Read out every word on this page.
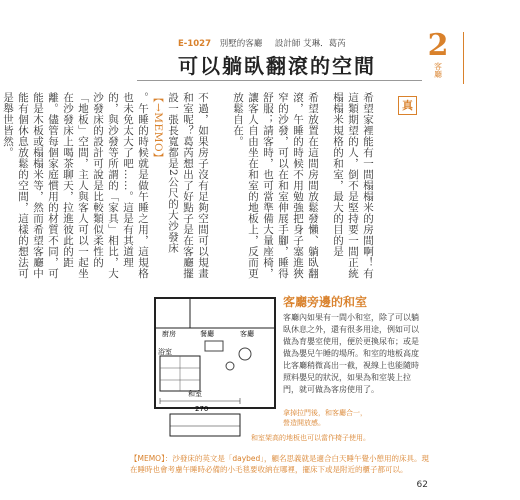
E-1027 別墅的客廳 設計師 艾琳．葛芮	2
客廳
可以躺臥翻滾的空間
真
希望家裡能有一間榻榻米的房間啊！有這類期望的人，倒不是堅持要一間正統榻榻米規格的和室，最大的目的是
希望放置在這間房間放鬆發懶、躺臥翻滾，午睡的時候不用勉強把身子塞進狹窄的沙發，可以在和室伸展手腳，睡得舒服；請客時，也可當準備大量座椅，讓客人自由坐在和室的地板上，反而更放鬆自在。
不過，如果房子沒有足夠空間可以規畫和室呢？葛芮想出了好點子是在客廳擺設一張長寬都是2公尺的大沙發床【→MEMO】
。午睡的時候就是做午睡之用，這規格也未免太大了吧……。這是有其道理的，與沙發等所謂的「家具」相比，大沙發床的設計可說是比較類似柔性的「地板」空間，主人與客人可以一起坐在沙發床上喝茶聊天，拉進彼此的距離。儘管每個家庭慣用的材質不同，可能是木板或榻榻米等，然而希望客廳中能有個休息放鬆的空間，這樣的想法可是舉世皆然。
廚房	餐廳	客廳
浴室
和室
270
客廳旁邊的和室

客廳內如果有一間小和室，除了可以躺臥休息之外，還有很多用途，例如可以做為育嬰室使用，便於更換尿布；或是做為嬰兒午睡的場所。和室的地板高度比客廳稍微高出一截，視線上也能隨時照料嬰兒的狀況，如果為和室裝上拉門，就可做為客房使用了。

拿掉拉門後，和客廳合一，營造開放感。
和室架高的地板也可以當作椅子使用。
【MEMO】：沙發床的英文是「daybed」，顧名思義就是適合白天睡午覺小憩用的床具。現在睡時也會考慮午睡時必備的小毛毯要收納在哪裡，擺床下或是附近的櫃子都可以。
62
